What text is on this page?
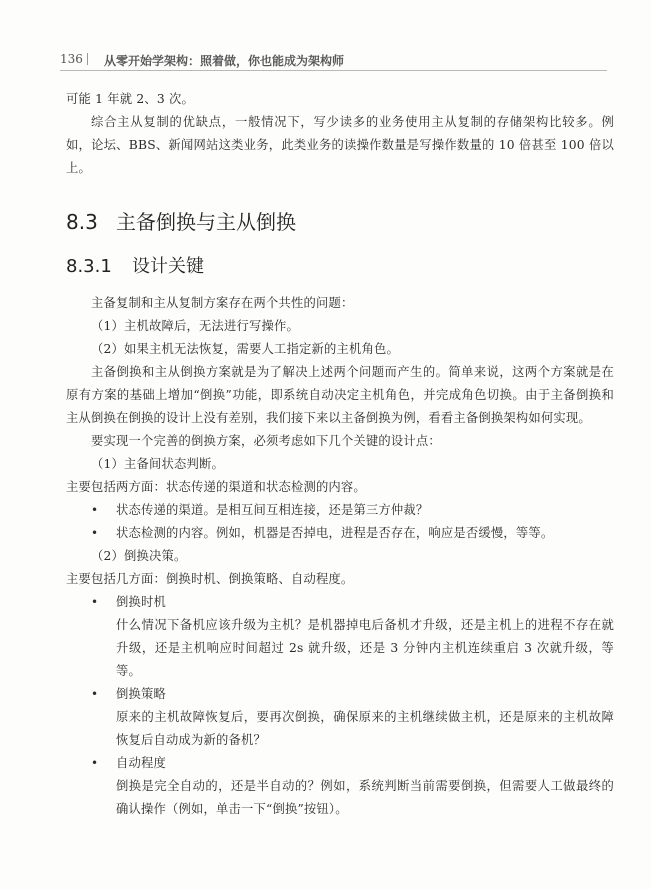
136 从零开始学架构：照着做，你也能成为架构师

可能 1 年就 2、3 次。

综合主从复制的优缺点，一般情况下，写少读多的业务使用主从复制的存储架构比较多。例如，论坛、BBS、新闻网站这类业务，此类业务的读操作数量是写操作数量的 10 倍甚至 100 倍以上。

8.3 主备倒换与主从倒换
8.3.1 设计关键

主备复制和主从复制方案存在两个共性的问题：

（1）主机故障后，无法进行写操作。

（2）如果主机无法恢复，需要人工指定新的主机角色。

主备倒换和主从倒换方案就是为了解决上述两个问题而产生的。简单来说，这两个方案就是在原有方案的基础上增加“倒换”功能，即系统自动决定主机角色，并完成角色切换。由于主备倒换和主从倒换在倒换的设计上没有差别，我们接下来以主备倒换为例，看看主备倒换架构如何实现。

要实现一个完善的倒换方案，必须考虑如下几个关键的设计点：

（1）主备间状态判断。

主要包括两方面：状态传递的渠道和状态检测的内容。

• 状态传递的渠道。是相互间互相连接，还是第三方仲裁？

• 状态检测的内容。例如，机器是否掉电，进程是否存在，响应是否缓慢，等等。

（2）倒换决策。

主要包括几方面：倒换时机、倒换策略、自动程度。

• 倒换时机

什么情况下备机应该升级为主机？是机器掉电后备机才升级，还是主机上的进程不存在就升级，还是主机响应时间超过 2s 就升级，还是 3 分钟内主机连续重启 3 次就升级，等等。

• 倒换策略

原来的主机故障恢复后，要再次倒换，确保原来的主机继续做主机，还是原来的主机故障恢复后自动成为新的备机？

• 自动程度

倒换是完全自动的，还是半自动的？例如，系统判断当前需要倒换，但需要人工做最终的确认操作（例如，单击一下“倒换”按钮）。
